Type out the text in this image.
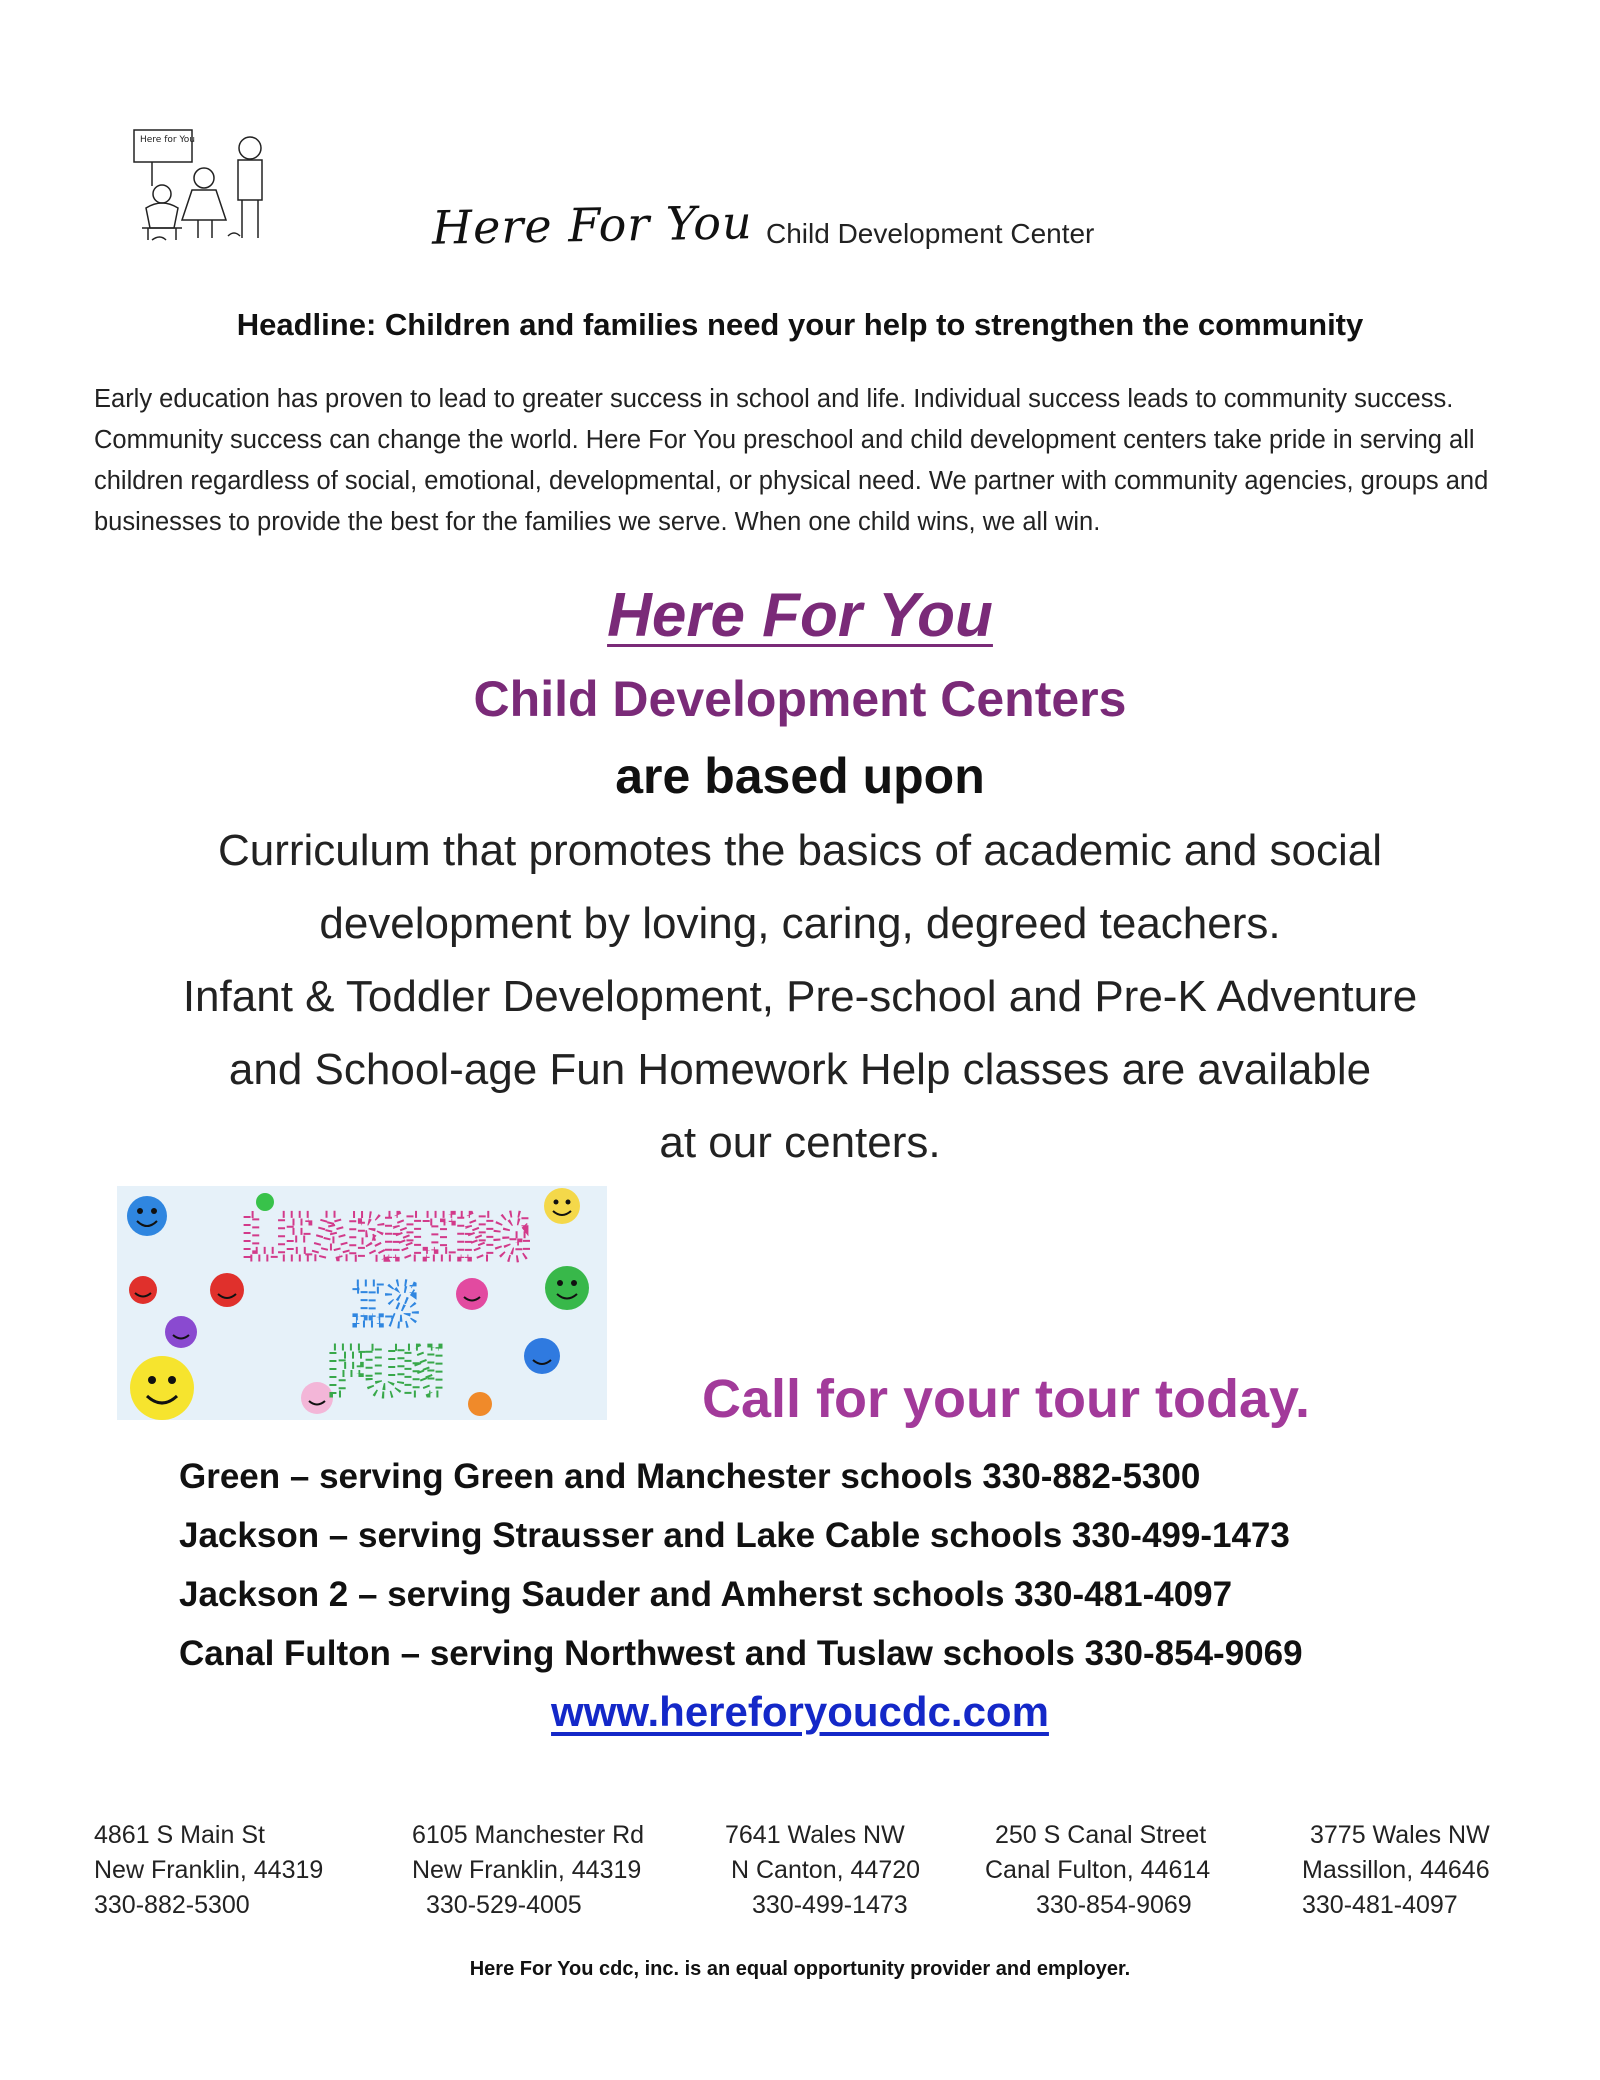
Here for You
Here For You Child Development Center
Headline: Children and families need your help to strengthen the community
Early education has proven to lead to greater success in school and life. Individual success leads to community success. Community success can change the world. Here For You preschool and child development centers take pride in serving all children regardless of social, emotional, developmental, or physical need. We partner with community agencies, groups and businesses to provide the best for the families we serve. When one child wins, we all win.
Here For You
Child Development Centers
are based upon
Curriculum that promotes the basics of academic and social
development by loving, caring, degreed teachers.
Infant & Toddler Development, Pre-school and Pre-K Adventure
and School-age Fun Homework Help classes are available
at our centers.
LEARNING
IS
FUN	Call for your tour today.
Green – serving Green and Manchester schools 330-882-5300
Jackson – serving Strausser and Lake Cable schools 330-499-1473
Jackson 2 – serving Sauder and Amherst schools 330-481-4097
Canal Fulton – serving Northwest and Tuslaw schools 330-854-9069
www.hereforyoucdc.com
4861 S Main St
New Franklin, 44319
330-882-5300
6105 Manchester Rd
New Franklin, 44319
330-529-4005
7641 Wales NW
N Canton, 44720
330-499-1473
250 S Canal Street
Canal Fulton, 44614
330-854-9069
3775 Wales NW
Massillon, 44646
330-481-4097
Here For You cdc, inc. is an equal opportunity provider and employer.
